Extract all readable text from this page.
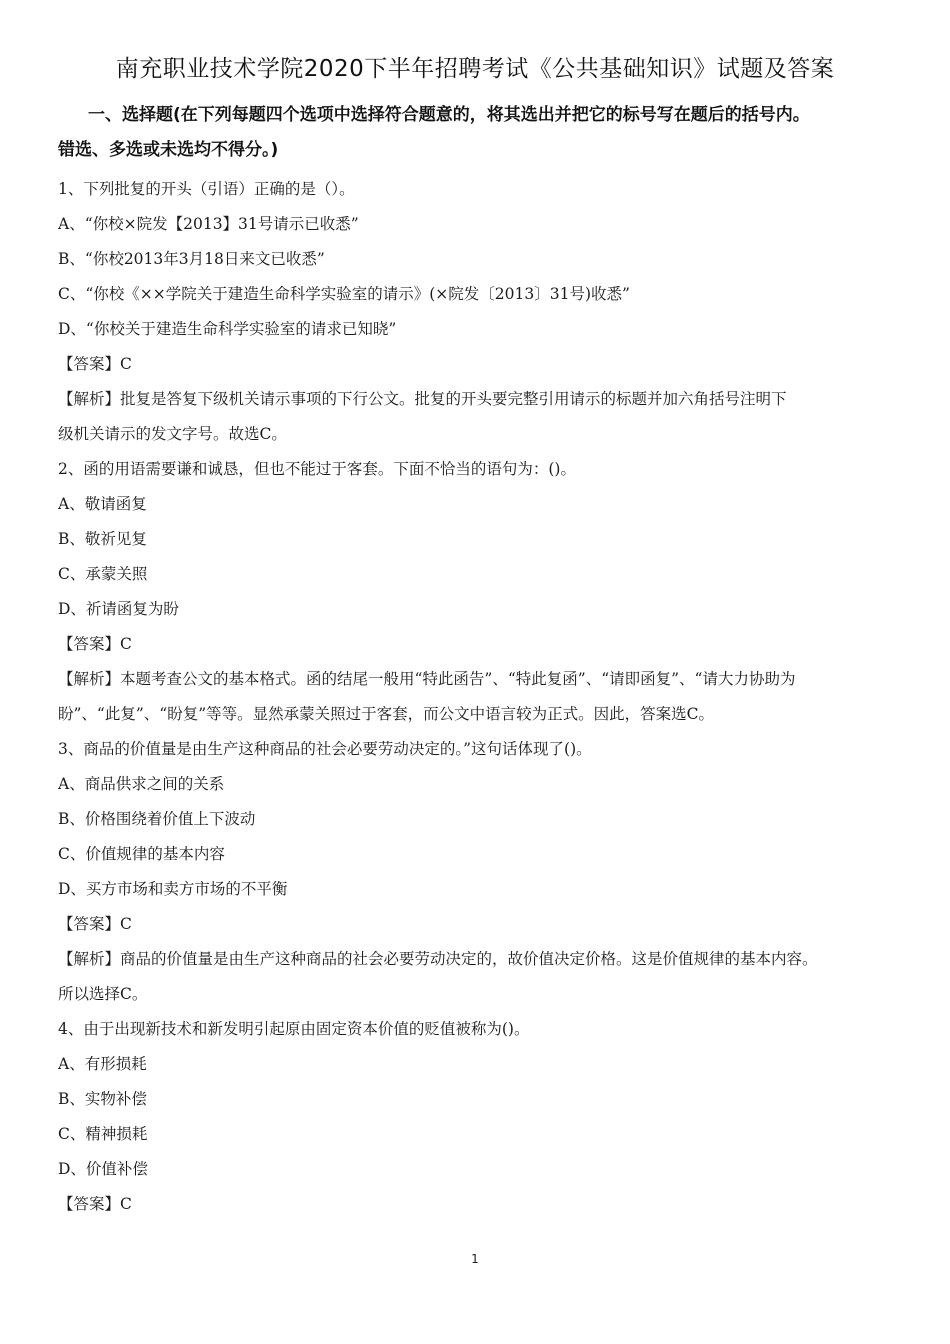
南充职业技术学院2020下半年招聘考试《公共基础知识》试题及答案
一、选择题(在下列每题四个选项中选择符合题意的，将其选出并把它的标号写在题后的括号内。
错选、多选或未选均不得分。)
1、下列批复的开头（引语）正确的是（）。
A、“你校×院发【2013】31号请示已收悉”
B、“你校2013年3月18日来文已收悉”
C、“你校《××学院关于建造生命科学实验室的请示》(×院发〔2013〕31号)收悉”
D、“你校关于建造生命科学实验室的请求已知晓”
【答案】C
【解析】批复是答复下级机关请示事项的下行公文。批复的开头要完整引用请示的标题并加六角括号注明下
级机关请示的发文字号。故选C。
2、函的用语需要谦和诚恳，但也不能过于客套。下面不恰当的语句为：()。
A、敬请函复
B、敬祈见复
C、承蒙关照
D、祈请函复为盼
【答案】C
【解析】本题考查公文的基本格式。函的结尾一般用“特此函告”、“特此复函”、“请即函复”、“请大力协助为
盼”、“此复”、“盼复”等等。显然承蒙关照过于客套，而公文中语言较为正式。因此，答案选C。
3、商品的价值量是由生产这种商品的社会必要劳动决定的。”这句话体现了()。
A、商品供求之间的关系
B、价格围绕着价值上下波动
C、价值规律的基本内容
D、买方市场和卖方市场的不平衡
【答案】C
【解析】商品的价值量是由生产这种商品的社会必要劳动决定的，故价值决定价格。这是价值规律的基本内容。
所以选择C。
4、由于出现新技术和新发明引起原由固定资本价值的贬值被称为()。
A、有形损耗
B、实物补偿
C、精神损耗
D、价值补偿
【答案】C
1
